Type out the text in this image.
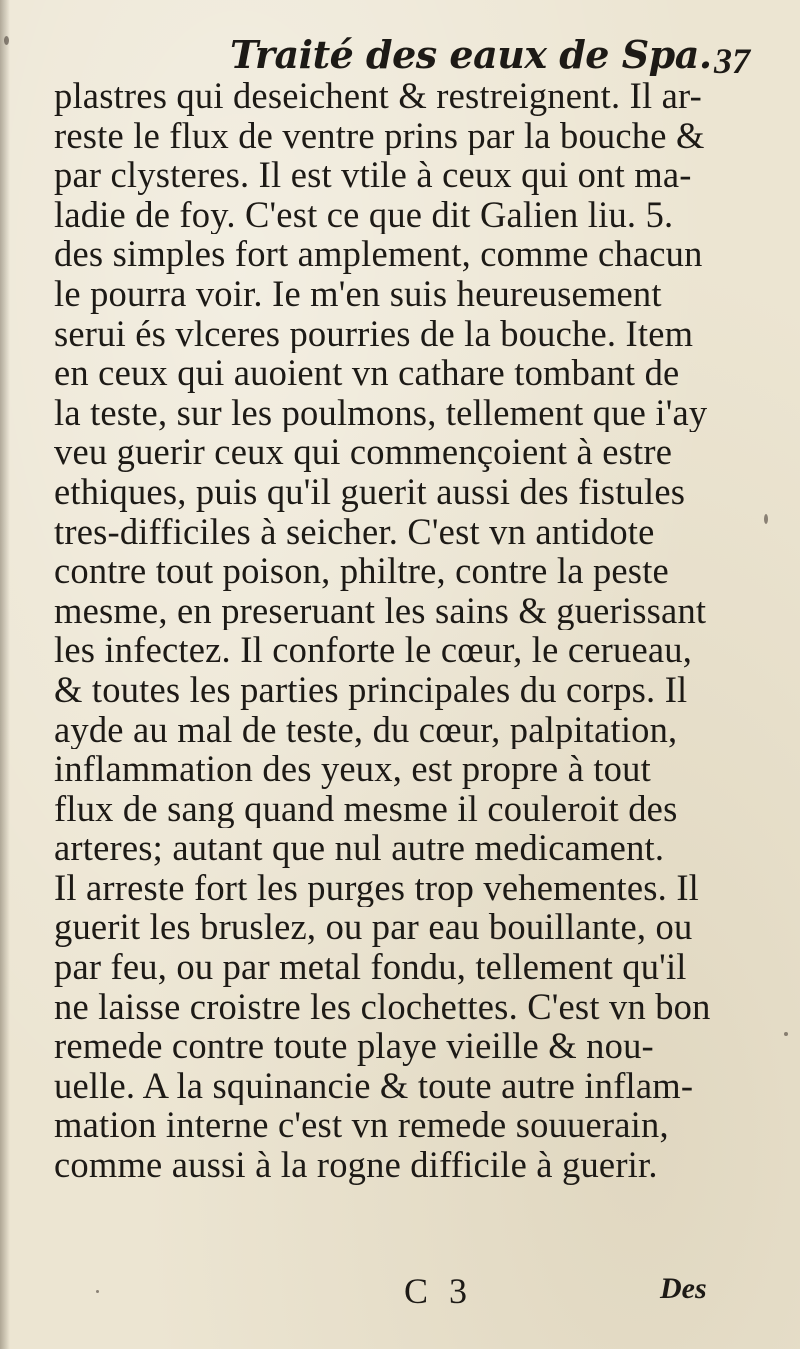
Traité des eaux de Spa. 37
plastres qui deseichent & restreignent. Il ar-
reste le flux de ventre prins par la bouche &
par clysteres. Il est vtile à ceux qui ont ma-
ladie de foy. C'est ce que dit Galien liu. 5.
des simples fort amplement, comme chacun
le pourra voir. Ie m'en suis heureusement
serui és vlceres pourries de la bouche. Item
en ceux qui auoient vn cathare tombant de
la teste, sur les poulmons, tellement que i'ay
veu guerir ceux qui commençoient à estre
ethiques, puis qu'il guerit aussi des fistules
tres-difficiles à seicher. C'est vn antidote
contre tout poison, philtre, contre la peste
mesme, en preseruant les sains & guerissant
les infectez. Il conforte le cœur, le cerueau,
& toutes les parties principales du corps. Il
ayde au mal de teste, du cœur, palpitation,
inflammation des yeux, est propre à tout
flux de sang quand mesme il couleroit des
arteres; autant que nul autre medicament.
Il arreste fort les purges trop vehementes. Il
guerit les bruslez, ou par eau bouillante, ou
par feu, ou par metal fondu, tellement qu'il
ne laisse croistre les clochettes. C'est vn bon
remede contre toute playe vieille & nou-
uelle. A la squinancie & toute autre inflam-
mation interne c'est vn remede souuerain,
comme aussi à la rogne difficile à guerir.
C 3	Des
